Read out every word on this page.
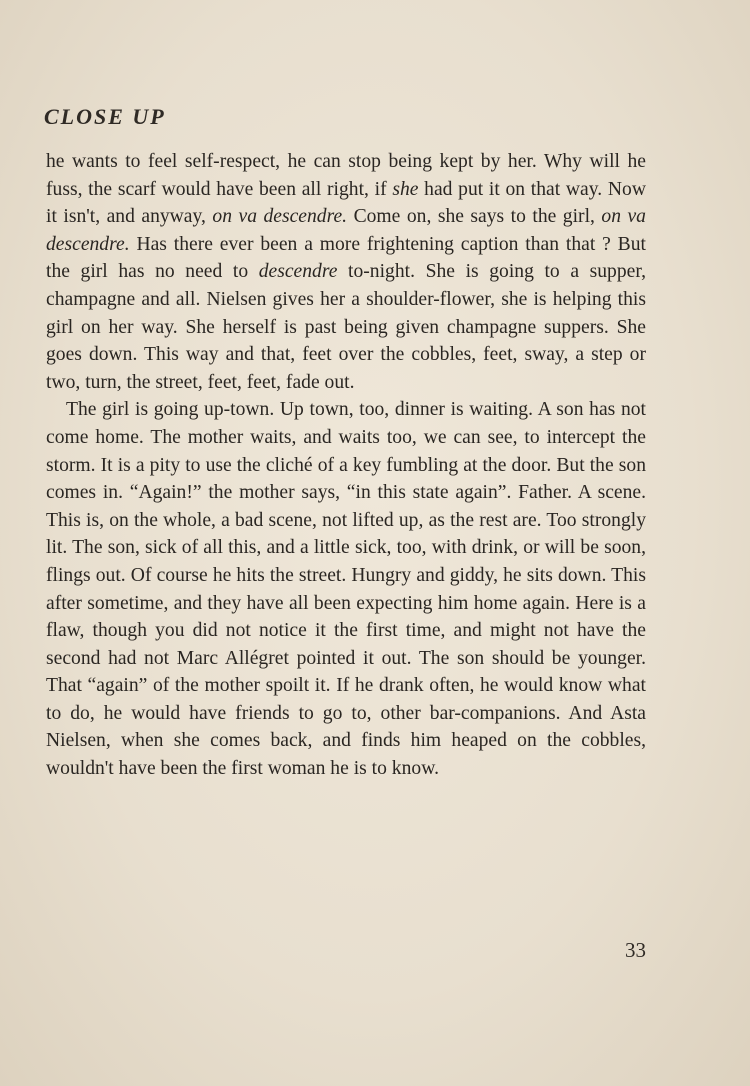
CLOSE UP

he wants to feel self-respect, he can stop being kept by her. Why will he fuss, the scarf would have been all right, if she had put it on that way. Now it isn't, and anyway, on va descendre. Come on, she says to the girl, on va descendre. Has there ever been a more frightening caption than that ? But the girl has no need to descendre to-night. She is going to a supper, champagne and all. Nielsen gives her a shoulder-flower, she is helping this girl on her way. She herself is past being given champagne suppers. She goes down. This way and that, feet over the cobbles, feet, sway, a step or two, turn, the street, feet, feet, fade out.

The girl is going up-town. Up town, too, dinner is waiting. A son has not come home. The mother waits, and waits too, we can see, to intercept the storm. It is a pity to use the cliché of a key fumbling at the door. But the son comes in. “Again!” the mother says, “in this state again”. Father. A scene. This is, on the whole, a bad scene, not lifted up, as the rest are. Too strongly lit. The son, sick of all this, and a little sick, too, with drink, or will be soon, flings out. Of course he hits the street. Hungry and giddy, he sits down. This after sometime, and they have all been expecting him home again. Here is a flaw, though you did not notice it the first time, and might not have the second had not Marc Allégret pointed it out. The son should be younger. That “again” of the mother spoilt it. If he drank often, he would know what to do, he would have friends to go to, other bar-companions. And Asta Nielsen, when she comes back, and finds him heaped on the cobbles, wouldn't have been the first woman he is to know.

33
